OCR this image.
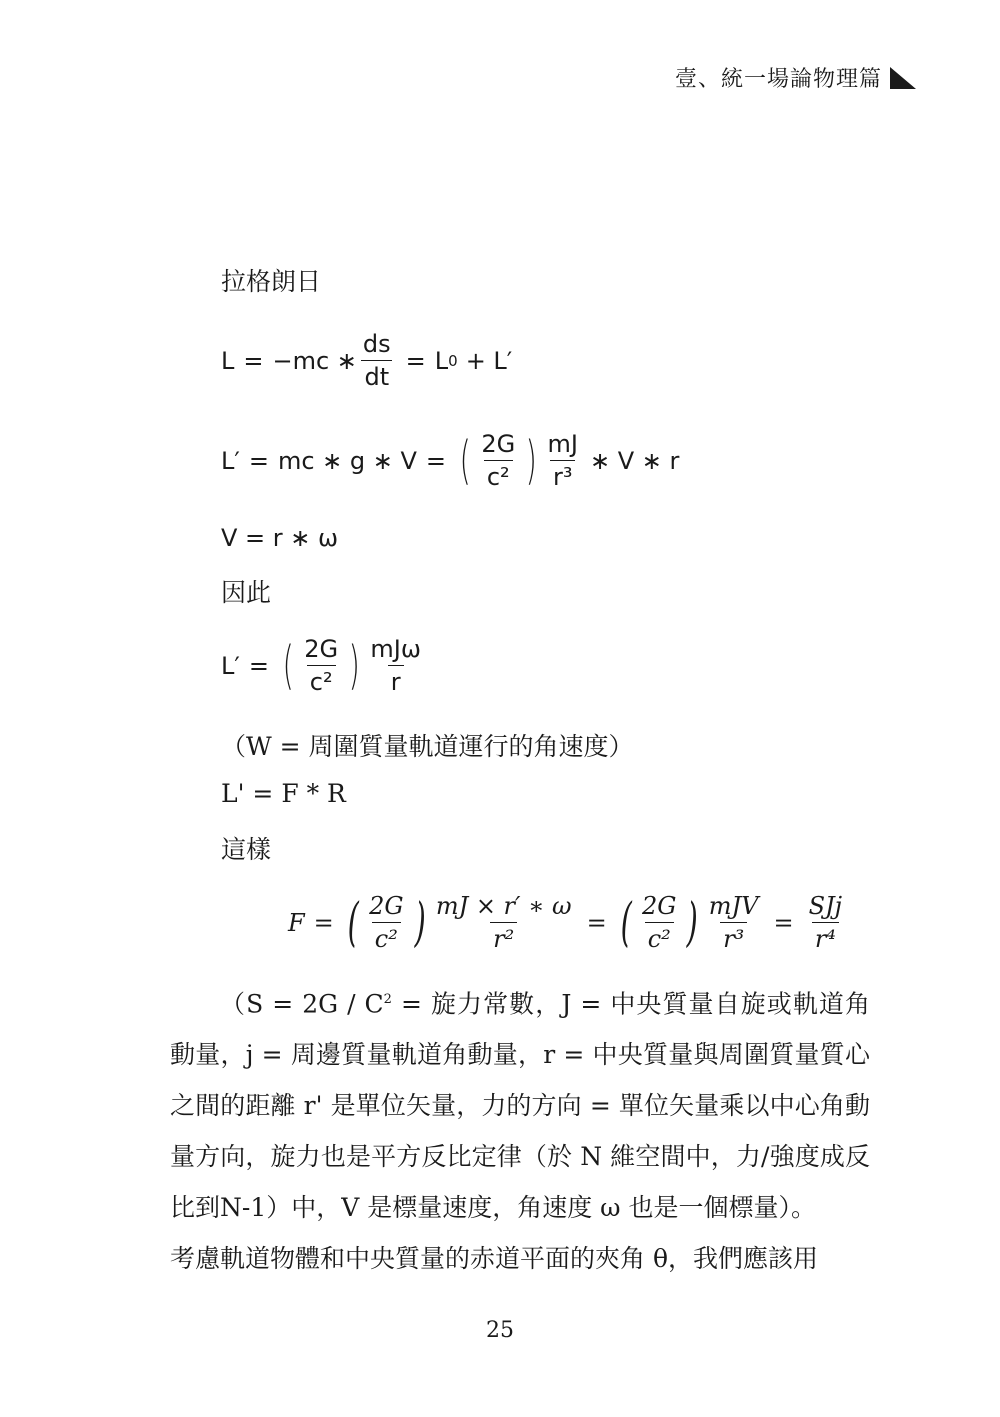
壹、統一場論物理篇
拉格朗日
L = −mc ∗ $\frac{ds}{dt} = L$ 0 + L′
L′ = mc ∗ g ∗ V = ( $\frac{2G}{\text{c²}}$ ) $\frac{mJ}{\text{r³}}$ ∗ V ∗ r
V = r ∗ ω
因此
L′ = ( $\frac{2G}{\text{c²}}$ ) $\frac{\text{mJω}}{r}$
（W = 周圍質量軌道運行的角速度）
L' = F * R
這樣
F = ( $\frac{2G}{\text{c²}}$ ) $\frac{mJ \times r' ∗ \omega}{\text{r²}}$ = ( $\frac{2G}{\text{c²}}$ ) $\frac{\text{mJV}}{\text{r³}} = \frac{\text{SJj}}{\text{r⁴}}$

（$S = 2G / C^2$ = 旋力常數，J = 中央質量自旋或軌道角動量，j = 周邊質量軌道角動量，r = 中央質量與周圍質量質心之間的距離 r' 是單位矢量，力的方向 = 單位矢量乘以中心角動量方向，旋力也是平方反比定律（於 N 維空間中，力/強度成反比到N-1）中，V 是標量速度，角速度 ω 也是一個標量）。

考慮軌道物體和中央質量的赤道平面的夾角 θ，我們應該用

25
